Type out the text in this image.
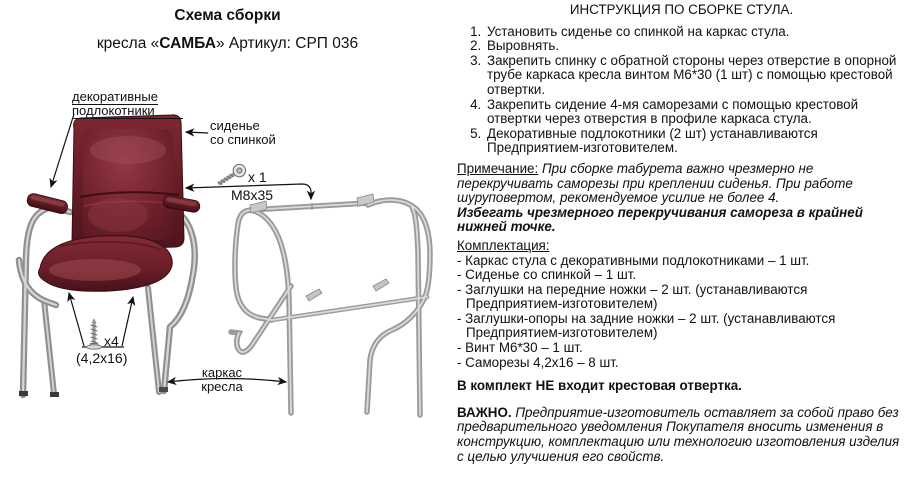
Схема сборки
кресла «САМБА» Артикул: СРП 036
декоративные
подлокотники
сиденье
со спинкой
x 1
M8x35
x4
(4,2x16)
каркас
кресла

ИНСТРУКЦИЯ ПО СБОРКЕ СТУЛА.

1. Установить сиденье со спинкой на каркас стула.
2. Выровнять.
3. Закрепить спинку с обратной стороны через отверстие в опорной трубе каркаса кресла винтом М6*30 (1 шт) с помощью крестовой отвертки.
4. Закрепить сидение 4-мя саморезами с помощью крестовой отвертки через отверстия в профиле каркаса стула.
5. Декоративные подлокотники (2 шт) устанавливаются Предприятием-изготовителем.
Примечание: При сборке табурета важно чрезмерно не перекручивать саморезы при креплении сиденья. При работе шуруповертом, рекомендуемое усилие не более 4.
Избегать чрезмерного перекручивания самореза в крайней нижней точке.
Комплектация:
- Каркас стула с декоративными подлокотниками – 1 шт.
- Сиденье со спинкой – 1 шт.
- Заглушки на передние ножки – 2 шт. (устанавливаются Предприятием-изготовителем)
- Заглушки-опоры на задние ножки – 2 шт. (устанавливаются Предприятием-изготовителем)
- Винт М6*30 – 1 шт.
- Саморезы 4,2х16 – 8 шт.
В комплект НЕ входит крестовая отвертка.
ВАЖНО. Предприятие-изготовитель оставляет за собой право без предварительного уведомления Покупателя вносить изменения в конструкцию, комплектацию или технологию изготовления изделия с целью улучшения его свойств.
